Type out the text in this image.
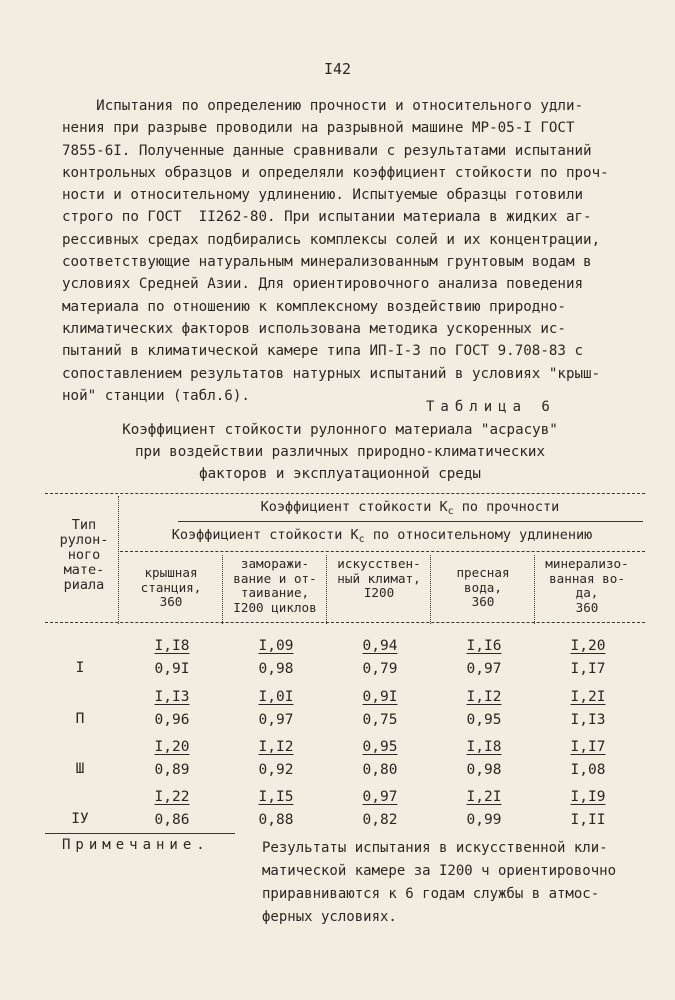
I42
Испытания по определению прочности и относительного удли-
нения при разрыве проводили на разрывной машине МР-05-I ГОСТ
7855-6I. Полученные данные сравнивали с результатами испытаний
контрольных образцов и определяли коэффициент стойкости по проч-
ности и относительному удлинению. Испытуемые образцы готовили
строго по ГОСТ  II262-80. При испытании материала в жидких аг-
рессивных средах подбирались комплексы солей и их концентрации,
соответствующие натуральным минерализованным грунтовым водам в
условиях Средней Азии. Для ориентировочного анализа поведения
материала по отношению к комплексному воздействию природно-
климатических факторов использована методика ускоренных ис-
пытаний в климатической камере типа ИП-I-3 по ГОСТ 9.708-83 с
сопоставлением результатов натурных испытаний в условиях "крыш-
ной" станции (табл.6).
Таблица 6
Коэффициент стойкости рулонного материала "асрасув"
при воздействии различных природно-климатических
факторов и эксплуатационной среды
Тип
рулон-
ного
мате-
риала
Коэффициент стойкости $К_с$ по прочности
Коэффициент стойкости $К_с$ по относительному удлинению
крышная
станция,
360
заморажи-
вание и от-
таивание,
I200 циклов
искусствен-
ный климат,
I200
пресная
вода,
360
минерализо-
ванная во-
да,
360
I
I,I8
0,9I
I,09
0,98
0,94
0,79
I,I6
0,97
I,20
I,I7
П
I,I3
0,96
I,0I
0,97
0,9I
0,75
I,I2
0,95
I,2I
I,I3
Ш
I,20
0,89
I,I2
0,92
0,95
0,80
I,I8
0,98
I,I7
I,08
IУ
I,22
0,86
I,I5
0,88
0,97
0,82
I,2I
0,99
I,I9
I,II
Примечание.	Результаты испытания в искусственной кли-
матической камере за I200 ч ориентировочно
приравниваются к 6 годам службы в атмос-
ферных условиях.
